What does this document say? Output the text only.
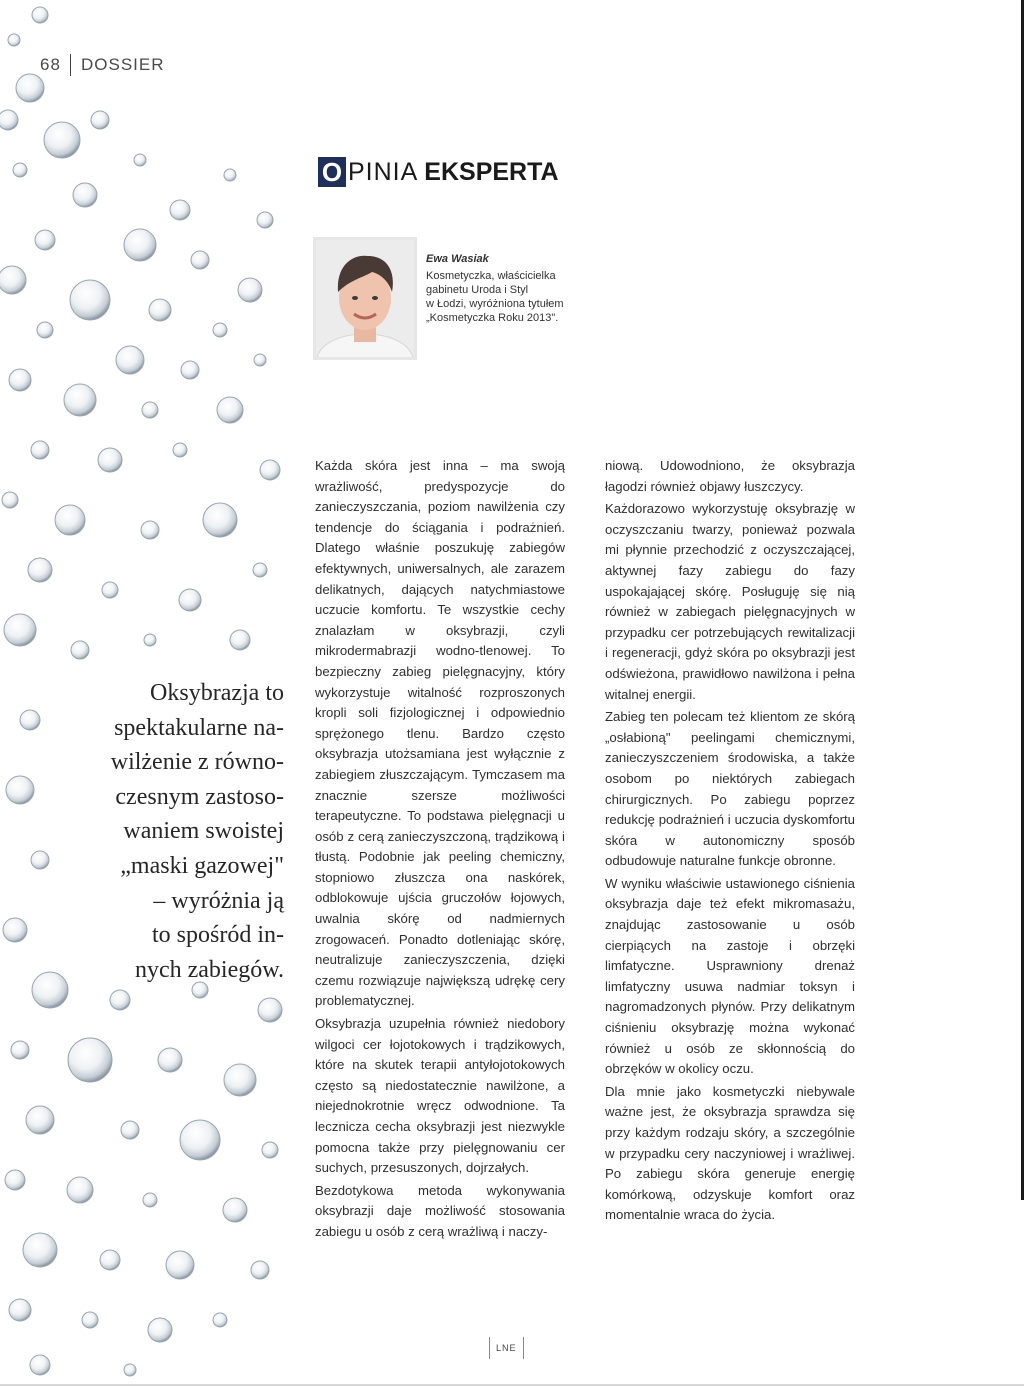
68 DOSSIER
O PINIA EKSPERTA
Ewa Wasiak
Kosmetyczka, właścicielka
gabinetu Uroda i Styl
w Łodzi, wyróżniona tytułem
„Kosmetyczka Roku 2013".
Oksybrazja to
spektakularne na-
wilżenie z równo-
czesnym zastoso-
waniem swoistej
„maski gazowej"
– wyróżnia ją
to spośród in-
nych zabiegów.

Każda skóra jest inna – ma swoją wrażliwość, predyspozycje do zanieczyszczania, poziom nawilżenia czy tendencje do ściągania i podrażnień. Dlatego właśnie poszukuję zabiegów efektywnych, uniwersalnych, ale zarazem delikatnych, dających natychmiastowe uczucie komfortu. Te wszystkie cechy znalazłam w oksybrazji, czyli mikrodermabrazji wodno-tlenowej. To bezpieczny zabieg pielęgnacyjny, który wykorzystuje witalność rozproszonych kropli soli fizjologicznej i odpowiednio sprężonego tlenu. Bardzo często oksybrazja utożsamiana jest wyłącznie z zabiegiem złuszczającym. Tymczasem ma znacznie szersze możliwości terapeutyczne. To podstawa pielęgnacji u osób z cerą zanieczyszczoną, trądzikową i tłustą. Podobnie jak peeling chemiczny, stopniowo złuszcza ona naskórek, odblokowuje ujścia gruczołów łojowych, uwalnia skórę od nadmiernych zrogowaceń. Ponadto dotleniając skórę, neutralizuje zanieczyszczenia, dzięki czemu rozwiązuje największą udrękę cery problematycznej.

Oksybrazja uzupełnia również niedobory wilgoci cer łojotokowych i trądzikowych, które na skutek terapii antyłojotokowych często są niedostatecznie nawilżone, a niejednokrotnie wręcz odwodnione. Ta lecznicza cecha oksybrazji jest niezwykle pomocna także przy pielęgnowaniu cer suchych, przesuszonych, dojrzałych.

Bezdotykowa metoda wykonywania oksybrazji daje możliwość stosowania zabiegu u osób z cerą wrażliwą i naczy-

niową. Udowodniono, że oksybrazja łagodzi również objawy łuszczycy.

Każdorazowo wykorzystuję oksybrazję w oczyszczaniu twarzy, ponieważ pozwala mi płynnie przechodzić z oczyszczającej, aktywnej fazy zabiegu do fazy uspokajającej skórę. Posługuję się nią również w zabiegach pielęgnacyjnych w przypadku cer potrzebujących rewitalizacji i regeneracji, gdyż skóra po oksybrazji jest odświeżona, prawidłowo nawilżona i pełna witalnej energii.

Zabieg ten polecam też klientom ze skórą „osłabioną" peelingami chemicznymi, zanieczyszczeniem środowiska, a także osobom po niektórych zabiegach chirurgicznych. Po zabiegu poprzez redukcję podrażnień i uczucia dyskomfortu skóra w autonomiczny sposób odbudowuje naturalne funkcje obronne.

W wyniku właściwie ustawionego ciśnienia oksybrazja daje też efekt mikromasażu, znajdując zastosowanie u osób cierpiących na zastoje i obrzęki limfatyczne. Usprawniony drenaż limfatyczny usuwa nadmiar toksyn i nagromadzonych płynów. Przy delikatnym ciśnieniu oksybrazję można wykonać również u osób ze skłonnością do obrzęków w okolicy oczu.

Dla mnie jako kosmetyczki niebywale ważne jest, że oksybrazja sprawdza się przy każdym rodzaju skóry, a szczególnie w przypadku cery naczyniowej i wrażliwej. Po zabiegu skóra generuje energię komórkową, odzyskuje komfort oraz momentalnie wraca do życia.

LNE
